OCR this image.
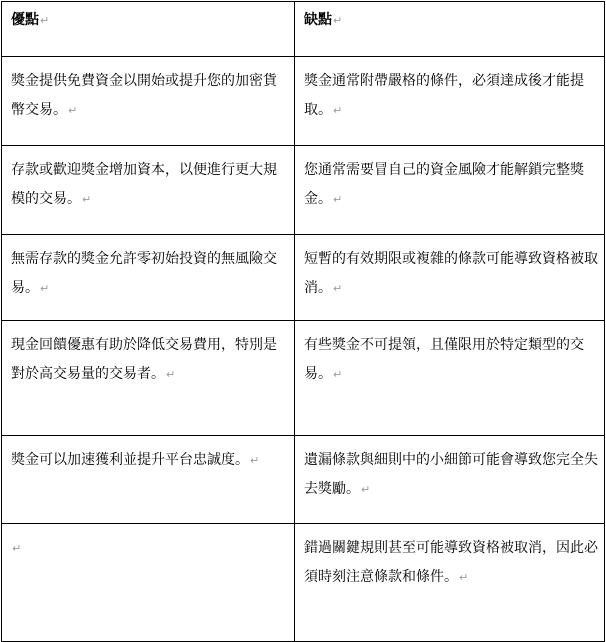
優點↵	缺點↵
獎金提供免費資金以開始或提升您的加密貨幣交易。↵	獎金通常附帶嚴格的條件，必須達成後才能提取。↵
存款或歡迎獎金增加資本，以便進行更大規模的交易。↵	您通常需要冒自己的資金風險才能解鎖完整獎金。↵
無需存款的獎金允許零初始投資的無風險交易。↵	短暫的有效期限或複雜的條款可能導致資格被取消。↵
現金回饋優惠有助於降低交易費用，特別是對於高交易量的交易者。↵	有些獎金不可提領，且僅限用於特定類型的交易。↵
獎金可以加速獲利並提升平台忠誠度。↵	遺漏條款與細則中的小細節可能會導致您完全失去獎勵。↵
↵	錯過關鍵規則甚至可能導致資格被取消，因此必須時刻注意條款和條件。↵
